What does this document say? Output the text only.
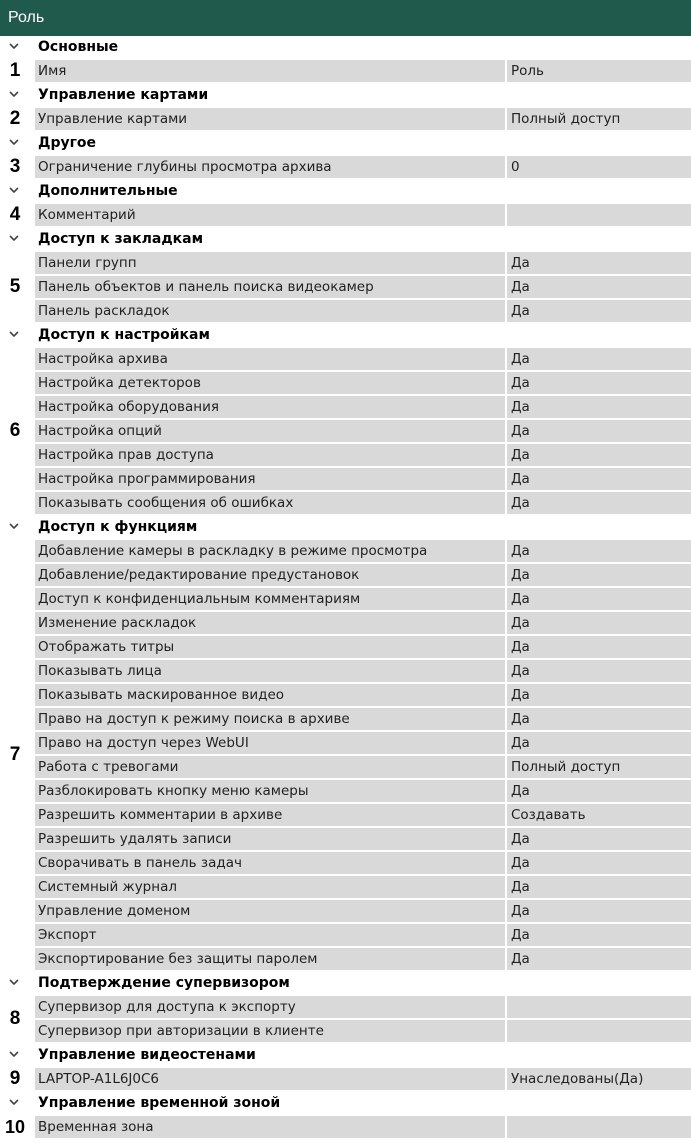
Роль
Основные
Имя	Роль
1
Управление картами
Управление картами	Полный доступ
2
Другое
Ограничение глубины просмотра архива	0
3
Дополнительные
Комментарий
4
Доступ к закладкам
Панели групп	Да
Панель объектов и панель поиска видеокамер	Да
Панель раскладок	Да
5
Доступ к настройкам
Настройка архива	Да
Настройка детекторов	Да
Настройка оборудования	Да
Настройка опций	Да
Настройка прав доступа	Да
Настройка программирования	Да
Показывать сообщения об ошибках	Да
6
Доступ к функциям
Добавление камеры в раскладку в режиме просмотра	Да
Добавление/редактирование предустановок	Да
Доступ к конфиденциальным комментариям	Да
Изменение раскладок	Да
Отображать титры	Да
Показывать лица	Да
Показывать маскированное видео	Да
Право на доступ к режиму поиска в архиве	Да
Право на доступ через WebUI	Да
Работа с тревогами	Полный доступ
Разблокировать кнопку меню камеры	Да
Разрешить комментарии в архиве	Создавать
Разрешить удалять записи	Да
Сворачивать в панель задач	Да
Системный журнал	Да
Управление доменом	Да
Экспорт	Да
Экспортирование без защиты паролем	Да
7
Подтверждение супервизором
Супервизор для доступа к экспорту
Супервизор при авторизации в клиенте
8
Управление видеостенами
LAPTOP-A1L6J0C6	Унаследованы(Да)
9
Управление временной зоной
Временная зона
10
